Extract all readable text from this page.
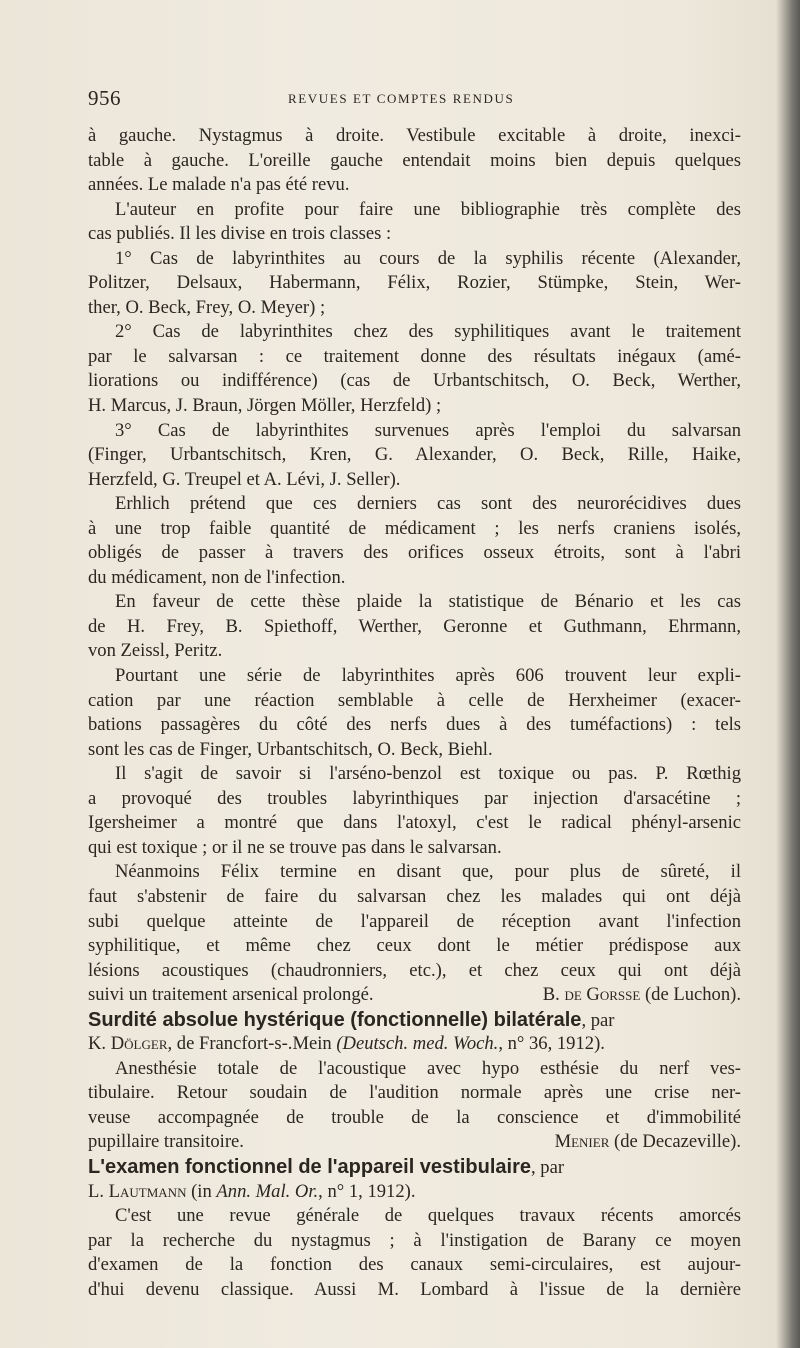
956	REVUES ET COMPTES RENDUS
à gauche. Nystagmus à droite. Vestibule excitable à droite, inexci-
table à gauche. L'oreille gauche entendait moins bien depuis quelques
années. Le malade n'a pas été revu.
L'auteur en profite pour faire une bibliographie très complète des
cas publiés. Il les divise en trois classes :
1° Cas de labyrinthites au cours de la syphilis récente (Alexander,
Politzer, Delsaux, Habermann, Félix, Rozier, Stümpke, Stein, Wer-
ther, O. Beck, Frey, O. Meyer) ;
2° Cas de labyrinthites chez des syphilitiques avant le traitement
par le salvarsan : ce traitement donne des résultats inégaux (amé-
liorations ou indifférence) (cas de Urbantschitsch, O. Beck, Werther,
H. Marcus, J. Braun, Jörgen Möller, Herzfeld) ;
3° Cas de labyrinthites survenues après l'emploi du salvarsan
(Finger, Urbantschitsch, Kren, G. Alexander, O. Beck, Rille, Haike,
Herzfeld, G. Treupel et A. Lévi, J. Seller).
Erhlich prétend que ces derniers cas sont des neurorécidives dues
à une trop faible quantité de médicament ; les nerfs craniens isolés,
obligés de passer à travers des orifices osseux étroits, sont à l'abri
du médicament, non de l'infection.
En faveur de cette thèse plaide la statistique de Bénario et les cas
de H. Frey, B. Spiethoff, Werther, Geronne et Guthmann, Ehrmann,
von Zeissl, Peritz.
Pourtant une série de labyrinthites après 606 trouvent leur expli-
cation par une réaction semblable à celle de Herxheimer (exacer-
bations passagères du côté des nerfs dues à des tuméfactions) : tels
sont les cas de Finger, Urbantschitsch, O. Beck, Biehl.
Il s'agit de savoir si l'arséno-benzol est toxique ou pas. P. Rœthig
a provoqué des troubles labyrinthiques par injection d'arsacétine ;
Igersheimer a montré que dans l'atoxyl, c'est le radical phényl-arsenic
qui est toxique ; or il ne se trouve pas dans le salvarsan.
Néanmoins Félix termine en disant que, pour plus de sûreté, il
faut s'abstenir de faire du salvarsan chez les malades qui ont déjà
subi quelque atteinte de l'appareil de réception avant l'infection
syphilitique, et même chez ceux dont le métier prédispose aux
lésions acoustiques (chaudronniers, etc.), et chez ceux qui ont déjà
suivi un traitement arsenical prolongé.	B. de Gorsse (de Luchon).
Surdité absolue hystérique (fonctionnelle) bilatérale, par
K. Dölger, de Francfort-s-.Mein (Deutsch. med. Woch., n° 36, 1912).
Anesthésie totale de l'acoustique avec hypo esthésie du nerf ves-
tibulaire. Retour soudain de l'audition normale après une crise ner-
veuse accompagnée de trouble de la conscience et d'immobilité
pupillaire transitoire.	Menier (de Decazeville).
L'examen fonctionnel de l'appareil vestibulaire, par
L. Lautmann (in Ann. Mal. Or., n° 1, 1912).
C'est une revue générale de quelques travaux récents amorcés
par la recherche du nystagmus ; à l'instigation de Barany ce moyen
d'examen de la fonction des canaux semi-circulaires, est aujour-
d'hui devenu classique. Aussi M. Lombard à l'issue de la dernière
